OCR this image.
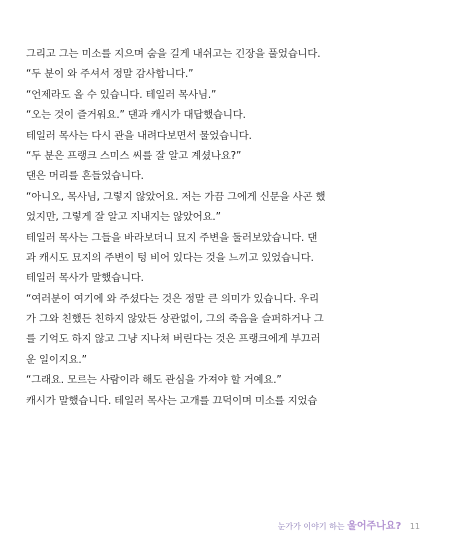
그리고 그는 미소를 지으며 숨을 길게 내쉬고는 긴장을 풀었습니다.
“두 분이 와 주셔서 정말 감사합니다.”
“언제라도 올 수 있습니다. 테일러 목사님.”
“오는 것이 즐거워요.” 댄과 캐시가 대답했습니다.
테일러 목사는 다시 관을 내려다보면서 물었습니다.
“두 분은 프랭크 스미스 씨를 잘 알고 계셨나요?”
댄은 머리를 흔들었습니다.
“아니오, 목사님, 그렇지 않았어요. 저는 가끔 그에게 신문을 사곤 했
었지만, 그렇게 잘 알고 지내지는 않았어요.”
테일러 목사는 그들을 바라보더니 묘지 주변을 둘러보았습니다. 댄
과 캐시도 묘지의 주변이 텅 비어 있다는 것을 느끼고 있었습니다.
테일러 목사가 말했습니다.
“여러분이 여기에 와 주셨다는 것은 정말 큰 의미가 있습니다. 우리
가 그와 친했든 친하지 않았든 상관없이, 그의 죽음을 슬퍼하거나 그
를 기억도 하지 않고 그냥 지나쳐 버린다는 것은 프랭크에게 부끄러
운 일이지요.”
“그래요. 모르는 사람이라 해도 관심을 가져야 할 거예요.”
캐시가 말했습니다. 테일러 목사는 고개를 끄덕이며 미소를 지었습
눈가가 이야기 하는 울어주나요? 11
